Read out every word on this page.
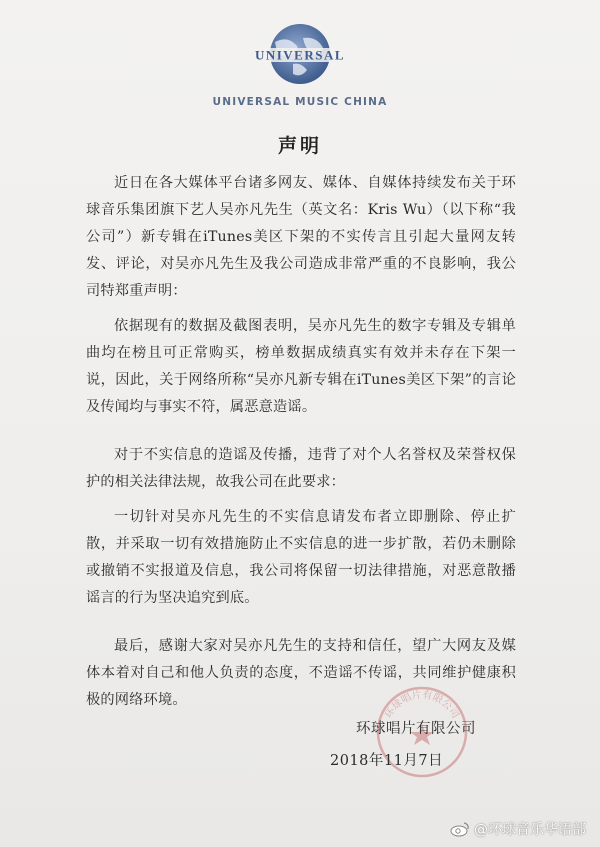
UNIVERSAL
UNIVERSAL MUSIC CHINA
声明

近日在各大媒体平台诸多网友、媒体、自媒体持续发布关于环球音乐集团旗下艺人吴亦凡先生（英文名：Kris Wu）（以下称“我公司”）新专辑在iTunes美区下架的不实传言且引起大量网友转发、评论，对吴亦凡先生及我公司造成非常严重的不良影响，我公司特郑重声明：

依据现有的数据及截图表明，吴亦凡先生的数字专辑及专辑单曲均在榜且可正常购买，榜单数据成绩真实有效并未存在下架一说，因此，关于网络所称“吴亦凡新专辑在iTunes美区下架”的言论及传闻均与事实不符，属恶意造谣。

对于不实信息的造谣及传播，违背了对个人名誉权及荣誉权保护的相关法律法规，故我公司在此要求：

一切针对吴亦凡先生的不实信息请发布者立即删除、停止扩散，并采取一切有效措施防止不实信息的进一步扩散，若仍未删除或撤销不实报道及信息，我公司将保留一切法律措施，对恶意散播谣言的行为坚决追究到底。

最后，感谢大家对吴亦凡先生的支持和信任，望广大网友及媒体本着对自己和他人负责的态度，不造谣不传谣，共同维护健康积极的网络环境。

环球唱片有限公司
环球唱片有限公司
2018年11月7日
@环球音乐华语部
